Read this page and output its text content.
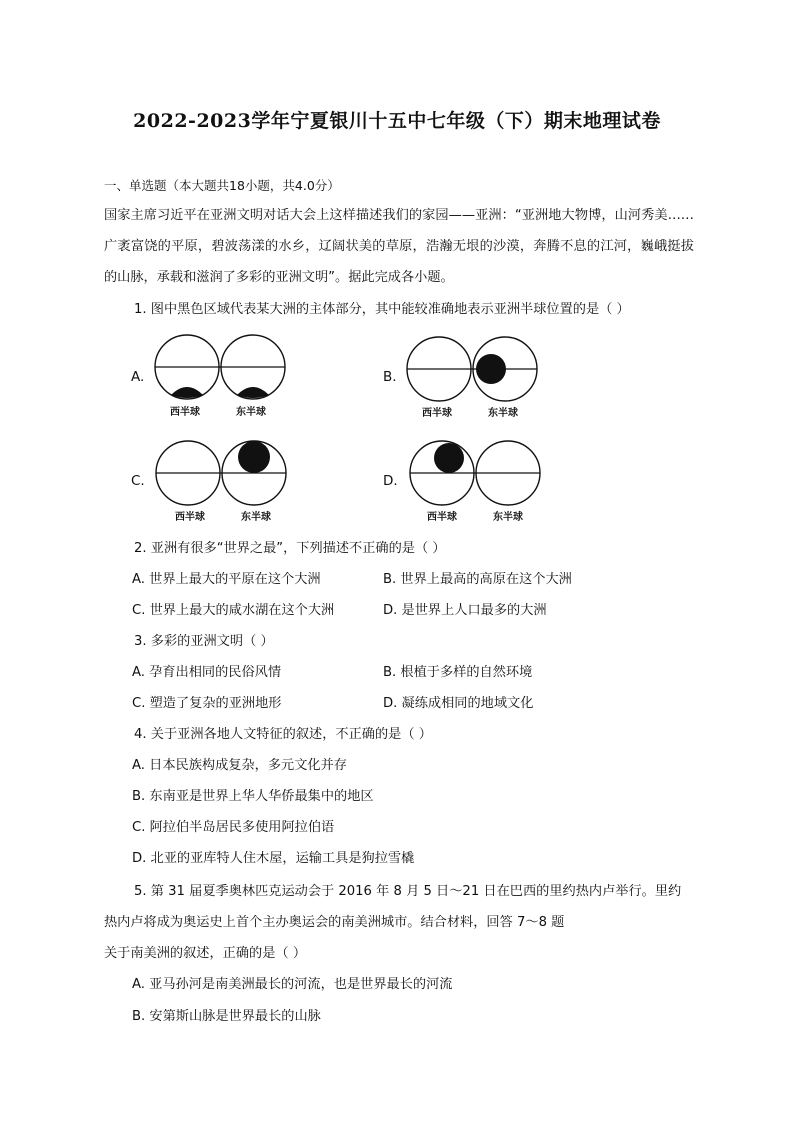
2022-2023学年宁夏银川十五中七年级（下）期末地理试卷
一、单选题（本大题共18小题，共4.0分）
国家主席习近平在亚洲文明对话大会上这样描述我们的家园——亚洲：“亚洲地大物博，山河秀美……广袤富饶的平原，碧波荡漾的水乡，辽阔状美的草原，浩瀚无垠的沙漠，奔腾不息的江河，巍峨挺拔的山脉，承载和滋润了多彩的亚洲文明”。据此完成各小题。
1. 图中黑色区域代表某大洲的主体部分，其中能较准确地表示亚洲半球位置的是（ ）
A.
西半球	东半球
B.
西半球	东半球
C.
西半球	东半球
D.
西半球	东半球
2. 亚洲有很多“世界之最”，下列描述不正确的是（ ）
A. 世界上最大的平原在这个大洲	B. 世界上最高的高原在这个大洲
C. 世界上最大的咸水湖在这个大洲	D. 是世界上人口最多的大洲
3. 多彩的亚洲文明（ ）
A. 孕育出相同的民俗风情	B. 根植于多样的自然环境
C. 塑造了复杂的亚洲地形	D. 凝练成相同的地域文化
4. 关于亚洲各地人文特征的叙述，不正确的是（ ）
A. 日本民族构成复杂，多元文化并存
B. 东南亚是世界上华人华侨最集中的地区
C. 阿拉伯半岛居民多使用阿拉伯语
D. 北亚的亚库特人住木屋，运输工具是狗拉雪橇
5. 第 31 届夏季奥林匹克运动会于 2016 年 8 月 5 日～21 日在巴西的里约热内卢举行。里约
热内卢将成为奥运史上首个主办奥运会的南美洲城市。结合材料，回答 7～8 题
关于南美洲的叙述，正确的是（ ）
A. 亚马孙河是南美洲最长的河流，也是世界最长的河流
B. 安第斯山脉是世界最长的山脉
